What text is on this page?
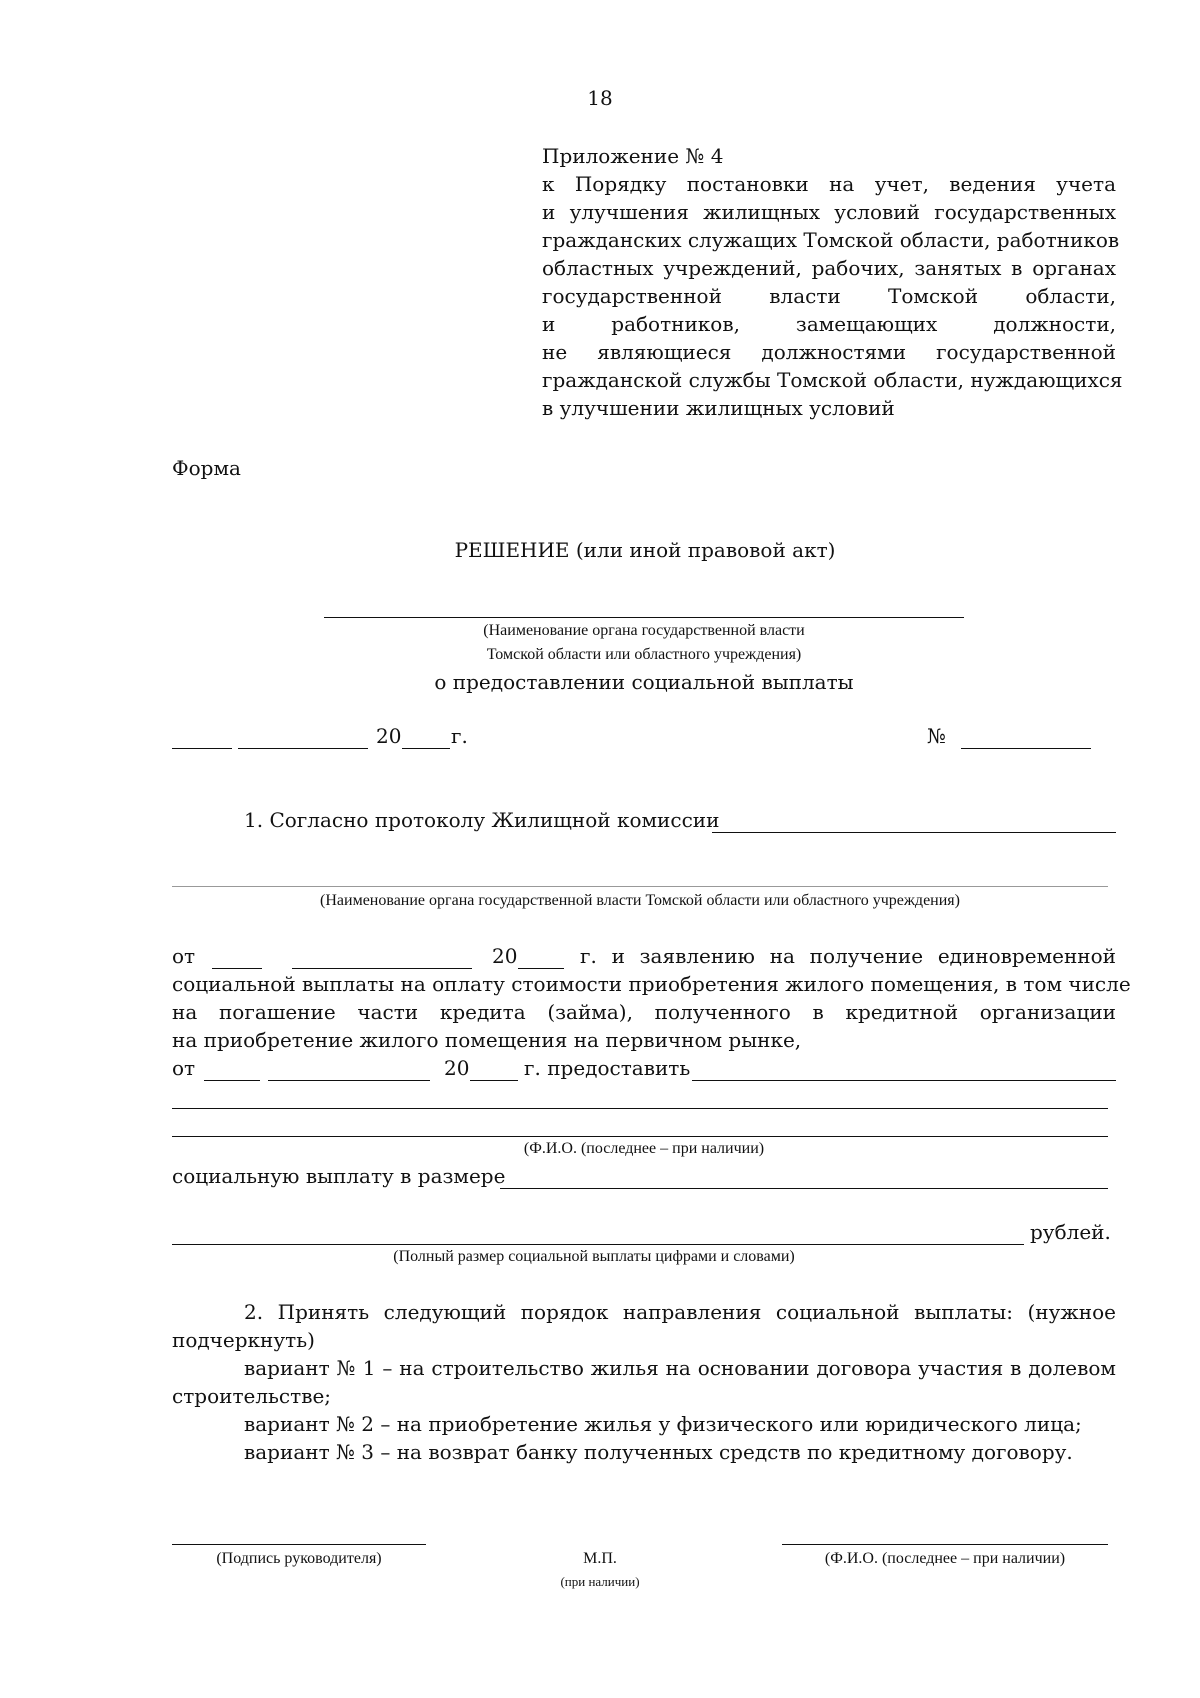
18
Приложение № 4
к Порядку постановки на учет, ведения учета
и улучшения жилищных условий государственных
гражданских служащих Томской области, работников
областных учреждений, рабочих, занятых в органах
государственной власти Томской области,
и работников, замещающих должности,
не являющиеся должностями государственной
гражданской службы Томской области, нуждающихся
в улучшении жилищных условий
Форма
РЕШЕНИЕ (или иной правовой акт)
(Наименование органа государственной власти
Томской области или областного учреждения)
о предоставлении социальной выплаты
20 г.	№
1. Согласно протоколу Жилищной комиссии
(Наименование органа государственной власти Томской области или областного учреждения)
от	20	г. и заявлению на получение единовременной
социальной выплаты на оплату стоимости приобретения жилого помещения, в том числе
на погашение части кредита (займа), полученного в кредитной организации
на приобретение жилого помещения на первичном рынке,
от	20	г. предоставить
(Ф.И.О. (последнее – при наличии)
социальную выплату в размере
рублей.
(Полный размер социальной выплаты цифрами и словами)
2. Принять следующий порядок направления социальной выплаты: (нужное
подчеркнуть)
вариант № 1 – на строительство жилья на основании договора участия в долевом
строительстве;
вариант № 2 – на приобретение жилья у физического или юридического лица;
вариант № 3 – на возврат банку полученных средств по кредитному договору.
(Подпись руководителя)	М.П.
(при наличии)
(Ф.И.О. (последнее – при наличии)
